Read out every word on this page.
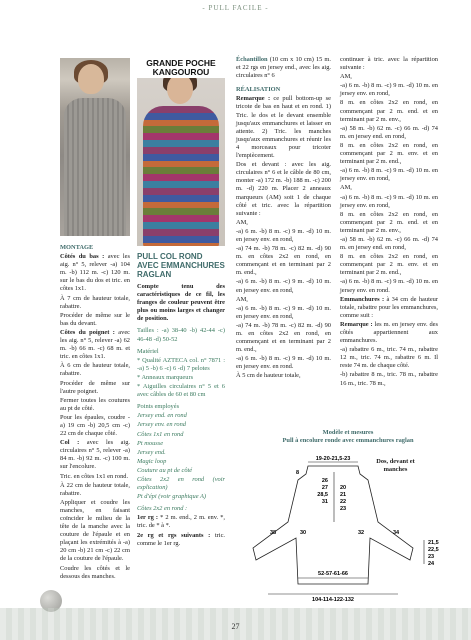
- PULL FACILE -
GRANDE POCHE
KANGOUROU

MONTAGE

Côtés du bas : avec les aig. n° 5, relever -a) 104 m. -b) 112 m. -c) 120 m. sur le bas du dos et tric. en côtes 1x1.

À 7 cm de hauteur totale, rabattre.

Procéder de même sur le bas du devant.

Côtes du poignet : avec les aig. n° 5, relever -a) 62 m. -b) 66 m. -c) 68 m. et tric. en côtes 1x1.

À 6 cm de hauteur totale, rabattre.

Procéder de même sur l'autre poignet.

Fermer toutes les coutures au pt de côté.

Pour les épaules, coudre -a) 19 cm -b) 20,5 cm -c) 22 cm de chaque côté.

Col : avec les aig. circulaires n° 5, relever -a) 84 m. -b) 92 m. -c) 100 m. sur l'encolure.

Tric. en côtes 1x1 en rond.

À 22 cm de hauteur totale, rabattre.

Appliquer et coudre les manches, en faisant coïncider le milieu de la tête de la manche avec la couture de l'épaule et en plaçant les extrémités à -a) 20 cm -b) 21 cm -c) 22 cm de la couture de l'épaule.

Coudre les côtés et le dessous des manches.

PULL COL ROND
AVEC EMMANCHURES
RAGLAN

Compte tenu des caractéristiques de ce fil, les franges de couleur peuvent être plus ou moins larges et changer de position.

Tailles : -a) 38-40 -b) 42-44 -c) 46-48 -d) 50-52

Matériel

* Qualité AZTECA col. n° 7871 : -a) 5 -b) 6 -c) 6 -d) 7 pelotes

* Anneaux marqueurs

* Aiguilles circulaires n° 5 et 6 avec câbles de 60 et 80 cm

Points employés

Jersey end. en rond

Jersey env. en rond

Côtes 1x1 en rond

Pt mousse

Jersey end.

Magic loop

Couture au pt de côté

Côtes 2x2 en rond (voir explication)

Pt d'épi (voir graphique A)

Côtes 2x2 en rond :

1er rg : * 2 m. end., 2 m. env. *, tric. de * à *.

2e rg et rgs suivants : tric. comme le 1er rg.

Échantillon (10 cm x 10 cm) 15 m. et 22 rgs en jersey end., avec les aig. circulaires n° 6

RÉALISATION

Remarque : ce pull bottom-up se tricote de bas en haut et en rond. 1) Tric. le dos et le devant ensemble jusqu'aux emmanchures et laisser en attente. 2) Tric. les manches jusqu'aux emmanchures et réunir les 4 morceaux pour tricoter l'empiècement.

Dos et devant : avec les aig. circulaires n° 6 et le câble de 80 cm, monter -a) 172 m. -b) 188 m. -c) 200 m. -d) 220 m. Placer 2 anneaux marqueurs (AM) soit 1 de chaque côté et tric. avec la répartition suivante :

AM,

-a) 6 m. -b) 8 m. -c) 9 m. -d) 10 m. en jersey env. en rond,

-a) 74 m. -b) 78 m. -c) 82 m. -d) 90 m. en côtes 2x2 en rond, en commençant et en terminant par 2 m. end.,

-a) 6 m. -b) 8 m. -c) 9 m. -d) 10 m. en jersey env. en rond,

AM,

-a) 6 m. -b) 8 m. -c) 9 m. -d) 10 m. en jersey env. en rond,

-a) 74 m. -b) 78 m. -c) 82 m. -d) 90 m. en côtes 2x2 en rond, en commençant et en terminant par 2 m. end.,

-a) 6 m. -b) 8 m. -c) 9 m. -d) 10 m. en jersey env. en rond.

À 5 cm de hauteur totale,

continuer à tric. avec la répartition suivante :

AM,

-a) 6 m. -b) 8 m. -c) 9 m. -d) 10 m. en jersey env. en rond,

8 m. en côtes 2x2 en rond, en commençant par 2 m. end. et en terminant par 2 m. env.,

-a) 58 m. -b) 62 m. -c) 66 m. -d) 74 m. en jersey end. en rond,

8 m. en côtes 2x2 en rond, en commençant par 2 m. env. et en terminant par 2 m. end.,

-a) 6 m. -b) 8 m. -c) 9 m. -d) 10 m. en jersey env. en rond,

AM,

-a) 6 m. -b) 8 m. -c) 9 m. -d) 10 m. en jersey env. en rond,

8 m. en côtes 2x2 en rond, en commençant par 2 m. end. et en terminant par 2 m. env.,

-a) 58 m. -b) 62 m. -c) 66 m. -d) 74 m. en jersey end. en rond,

8 m. en côtes 2x2 en rond, en commençant par 2 m. env. et en terminant par 2 m. end.,

-a) 6 m. -b) 8 m. -c) 9 m. -d) 10 m. en jersey env. en rond.

Emmanchures : à 34 cm de hauteur totale, rabattre pour les emmanchures, comme suit :

Remarque : les m. en jersey env. des côtés appartiennent aux emmanchures.

-a) rabattre 6 m., tric. 74 m., rabattre 12 m., tric. 74 m., rabattre 6 m. Il reste 74 m. de chaque côté.

-b) rabattre 8 m., tric. 78 m., rabattre 16 m., tric. 78 m.,

Modèle et mesures
Pull à encolure ronde avec emmanchures raglan
19-20-21,5-23
8
26
27
28,5
31
20
21
22
23
21,5
22,5
23
24
38	30	32	34
52-57-61-66
104-114-122-132
Dos, devant et manches
27
